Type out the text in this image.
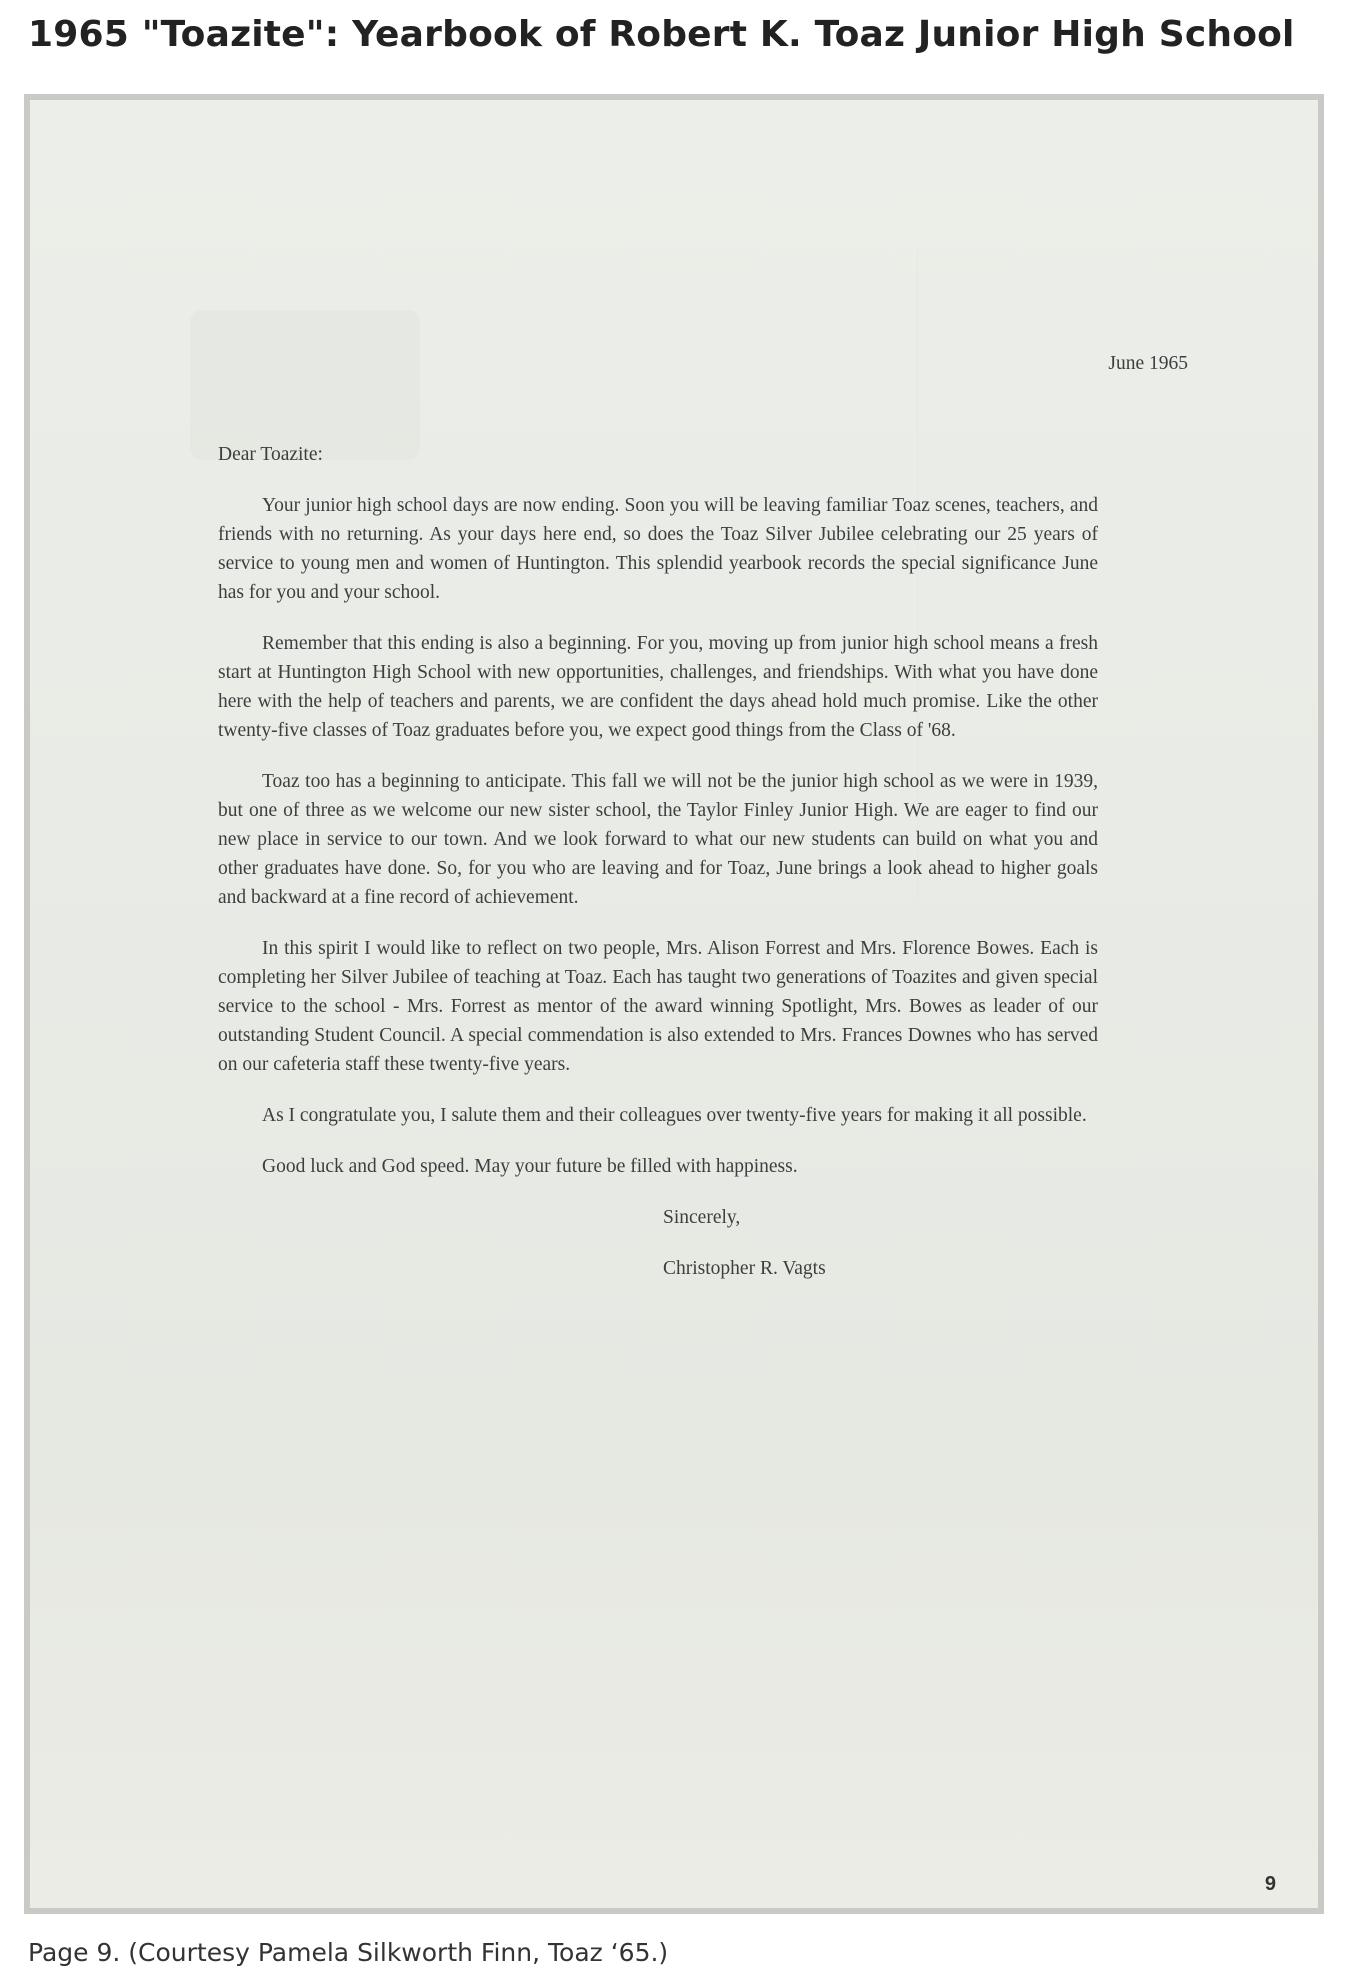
1965 "Toazite": Yearbook of Robert K. Toaz Junior High School
June 1965
Dear Toazite:

Your junior high school days are now ending. Soon you will be leaving familiar Toaz scenes, teachers, and friends with no returning. As your days here end, so does the Toaz Silver Jubilee celebrating our 25 years of service to young men and women of Huntington. This splendid yearbook records the special significance June has for you and your school.

Remember that this ending is also a beginning. For you, moving up from junior high school means a fresh start at Huntington High School with new opportunities, challenges, and friendships. With what you have done here with the help of teachers and parents, we are confident the days ahead hold much promise. Like the other twenty-five classes of Toaz graduates before you, we expect good things from the Class of '68.

Toaz too has a beginning to anticipate. This fall we will not be the junior high school as we were in 1939, but one of three as we welcome our new sister school, the Taylor Finley Junior High. We are eager to find our new place in service to our town. And we look forward to what our new students can build on what you and other graduates have done. So, for you who are leaving and for Toaz, June brings a look ahead to higher goals and backward at a fine record of achievement.

In this spirit I would like to reflect on two people, Mrs. Alison Forrest and Mrs. Florence Bowes. Each is completing her Silver Jubilee of teaching at Toaz. Each has taught two generations of Toazites and given special service to the school - Mrs. Forrest as mentor of the award winning Spotlight, Mrs. Bowes as leader of our outstanding Student Council. A special commendation is also extended to Mrs. Frances Downes who has served on our cafeteria staff these twenty-five years.

As I congratulate you, I salute them and their colleagues over twenty-five years for making it all possible.

Good luck and God speed. May your future be filled with happiness.

Sincerely,
Christopher R. Vagts
9
Page 9. (Courtesy Pamela Silkworth Finn, Toaz ‘65.)
